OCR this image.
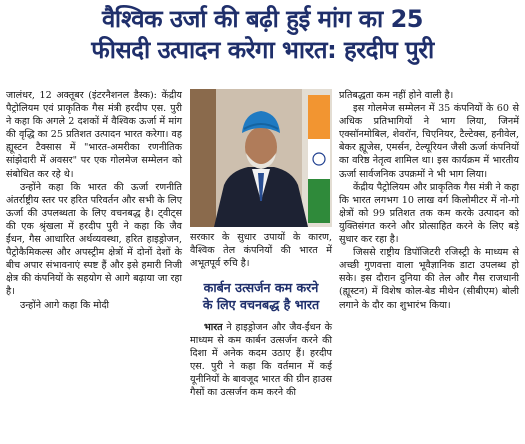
वैश्विक उर्जा की बढ़ी हुई मांग का 25
फीसदी उत्पादन करेगा भारत: हरदीप पुरी

जालंधर, 12 अक्तूबर (इंटरनैशनल डैस्क): केंद्रीय पैट्रोलियम एवं प्राकृतिक गैस मंत्री हरदीप एस. पुरी ने कहा कि अगले 2 दशकों में वैश्विक ऊर्जा में मांग की वृद्धि का 25 प्रतिशत उत्पादन भारत करेगा। वह ह्यूस्टन टैक्सास में "भारत-अमरीका रणनीतिक सांझेदारी में अवसर" पर एक गोलमेज सम्मेलन को संबोधित कर रहे थे।

उन्होंने कहा कि भारत की ऊर्जा रणनीति अंतर्राष्ट्रीय स्तर पर हरित परिवर्तन और सभी के लिए ऊर्जा की उपलब्धता के लिए वचनबद्ध है। ट्वीट्स की एक श्रृंखला में हरदीप पुरी ने कहा कि जैव ईंधन, गैस आधारित अर्थव्यवस्था, हरित हाइड्रोजन, पैट्रोकैमिकल्स और अपस्ट्रीम क्षेत्रों में दोनों देशों के बीच अपार संभावनाएं स्पष्ट हैं और इसे हमारी निजी क्षेत्र की कंपनियों के सहयोग से आगे बढ़ाया जा रहा है।

उन्होंने आगे कहा कि मोदी

सरकार के सुधार उपायों के कारण, वैश्विक तेल कंपनियों की भारत में अभूतपूर्व रुचि है।

कार्बन उत्सर्जन कम करने
के लिए वचनबद्ध है भारत

भारत ने हाइड्रोजन और जैव-ईंधन के माध्यम से कम कार्बन उत्सर्जन करने की दिशा में अनेक कदम उठाए हैं। हरदीप एस. पुरी ने कहा कि वर्तमान में कई यूनीनियों के बावजूद भारत की ग्रीन हाउस गैसों का उत्सर्जन कम करने की

प्रतिबद्धता कम नहीं होने वाली है।

इस गोलमेज सम्मेलन में 35 कंपनियों के 60 से अधिक प्रतिभागियों ने भाग लिया, जिनमें एक्सॉनमोबिल, शेवरॉन, चिएनियर, टैल्टेक्स, हनीवेल, बेकर ह्यूजेस, एमर्सन, टेल्यूरियन जैसी ऊर्जा कंपनियों का वरिष्ठ नेतृत्व शामिल था। इस कार्यक्रम में भारतीय ऊर्जा सार्वजनिक उपक्रमों ने भी भाग लिया।

केंद्रीय पैट्रोलियम और प्राकृतिक गैस मंत्री ने कहा कि भारत लगभग 10 लाख वर्ग किलोमीटर में नो-गो क्षेत्रों को 99 प्रतिशत तक कम करके उत्पादन को युक्तिसंगत करने और प्रोत्साहित करने के लिए बड़े सुधार कर रहा है।

जिससे राष्ट्रीय डिपॉजिटरी रजिस्ट्री के माध्यम से अच्छी गुणवत्ता वाला भूवैज्ञानिक डाटा उपलब्ध हो सके। इस दौरान दुनिया की तेल और गैस राजधानी (ह्यूस्टन) में विशेष कोल-बेड मीथेन (सीबीएम) बोली लगाने के दौर का शुभारंभ किया।
